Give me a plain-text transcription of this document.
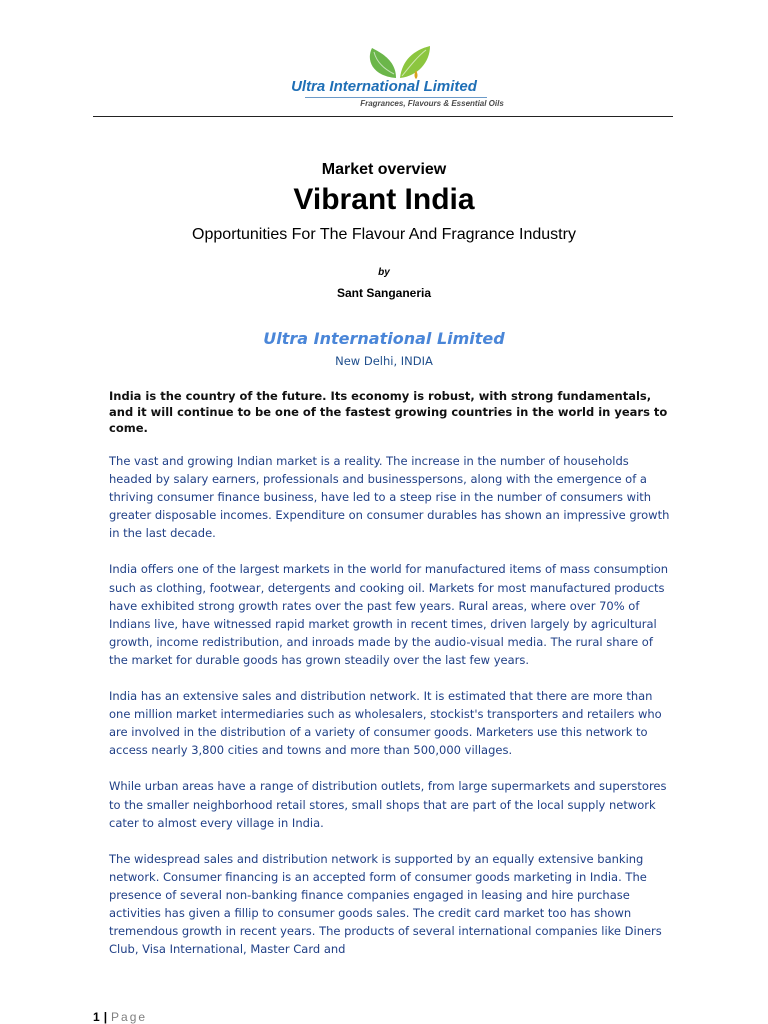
Ultra International Limited
Fragrances, Flavours & Essential Oils
Market overview
Vibrant India
Opportunities For The Flavour And Fragrance Industry
by
Sant Sanganeria
Ultra International Limited
New Delhi, INDIA
India is the country of the future. Its economy is robust, with strong fundamentals, and it will continue to be one of the fastest growing countries in the world in years to come.

The vast and growing Indian market is a reality. The increase in the number of households headed by salary earners, professionals and businesspersons, along with the emergence of a thriving consumer finance business, have led to a steep rise in the number of consumers with greater disposable incomes. Expenditure on consumer durables has shown an impressive growth in the last decade.

India offers one of the largest markets in the world for manufactured items of mass consumption such as clothing, footwear, detergents and cooking oil. Markets for most manufactured products have exhibited strong growth rates over the past few years. Rural areas, where over 70% of Indians live, have witnessed rapid market growth in recent times, driven largely by agricultural growth, income redistribution, and inroads made by the audio-visual media. The rural share of the market for durable goods has grown steadily over the last few years.

India has an extensive sales and distribution network. It is estimated that there are more than one million market intermediaries such as wholesalers, stockist's transporters and retailers who are involved in the distribution of a variety of consumer goods. Marketers use this network to access nearly 3,800 cities and towns and more than 500,000 villages.

While urban areas have a range of distribution outlets, from large supermarkets and superstores to the smaller neighborhood retail stores, small shops that are part of the local supply network cater to almost every village in India.

The widespread sales and distribution network is supported by an equally extensive banking network. Consumer financing is an accepted form of consumer goods marketing in India. The presence of several non-banking finance companies engaged in leasing and hire purchase activities has given a fillip to consumer goods sales. The credit card market too has shown tremendous growth in recent years. The products of several international companies like Diners Club, Visa International, Master Card and

1 | Page
